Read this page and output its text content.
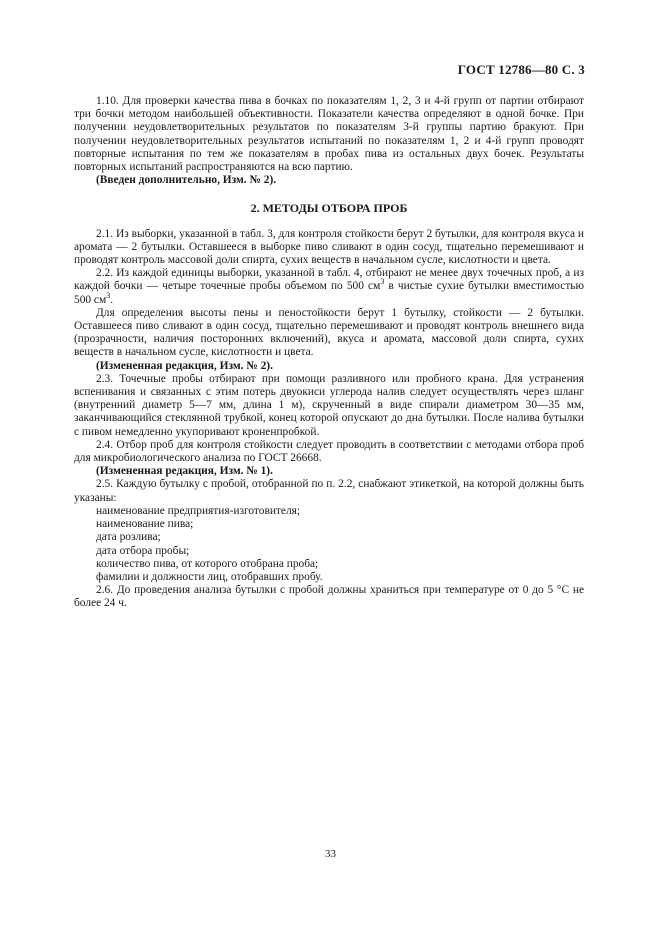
ГОСТ 12786—80 С. 3

1.10. Для проверки качества пива в бочках по показателям 1, 2, 3 и 4-й групп от партии отбирают три бочки методом наибольшей объективности. Показатели качества определяют в одной бочке. При получении неудовлетворительных результатов по показателям 3-й группы партию бракуют. При получении неудовлетворительных результатов испытаний по показателям 1, 2 и 4-й групп проводят повторные испытания по тем же показателям в пробах пива из остальных двух бочек. Результаты повторных испытаний распространяются на всю партию.

(Введен дополнительно, Изм. № 2).

2. МЕТОДЫ ОТБОРА ПРОБ

2.1. Из выборки, указанной в табл. 3, для контроля стойкости берут 2 бутылки, для контроля вкуса и аромата — 2 бутылки. Оставшееся в выборке пиво сливают в один сосуд, тщательно перемешивают и проводят контроль массовой доли спирта, сухих веществ в начальном сусле, кислотности и цвета.

2.2. Из каждой единицы выборки, указанной в табл. 4, отбирают не менее двух точечных проб, а из каждой бочки — четыре точечные пробы объемом по 500 $см^3$ в чистые сухие бутылки вместимостью 500 $см^3$.

Для определения высоты пены и пеностойкости берут 1 бутылку, стойкости — 2 бутылки. Оставшееся пиво сливают в один сосуд, тщательно перемешивают и проводят контроль внешнего вида (прозрачности, наличия посторонних включений), вкуса и аромата, массовой доли спирта, сухих веществ в начальном сусле, кислотности и цвета.

(Измененная редакция, Изм. № 2).

2.3. Точечные пробы отбирают при помощи разливного или пробного крана. Для устранения вспенивания и связанных с этим потерь двуокиси углерода налив следует осуществлять через шланг (внутренний диаметр 5—7 мм, длина 1 м), скрученный в виде спирали диаметром 30—35 мм, заканчивающийся стеклянной трубкой, конец которой опускают до дна бутылки. После налива бутылки с пивом немедленно укупоривают кроненпробкой.

2.4. Отбор проб для контроля стойкости следует проводить в соответствии с методами отбора проб для микробиологического анализа по ГОСТ 26668.

(Измененная редакция, Изм. № 1).

2.5. Каждую бутылку с пробой, отобранной по п. 2.2, снабжают этикеткой, на которой должны быть указаны:

наименование предприятия-изготовителя;

наименование пива;

дата розлива;

дата отбора пробы;

количество пива, от которого отобрана проба;

фамилии и должности лиц, отобравших пробу.

2.6. До проведения анализа бутылки с пробой должны храниться при температуре от 0 до 5 °С не более 24 ч.

33
